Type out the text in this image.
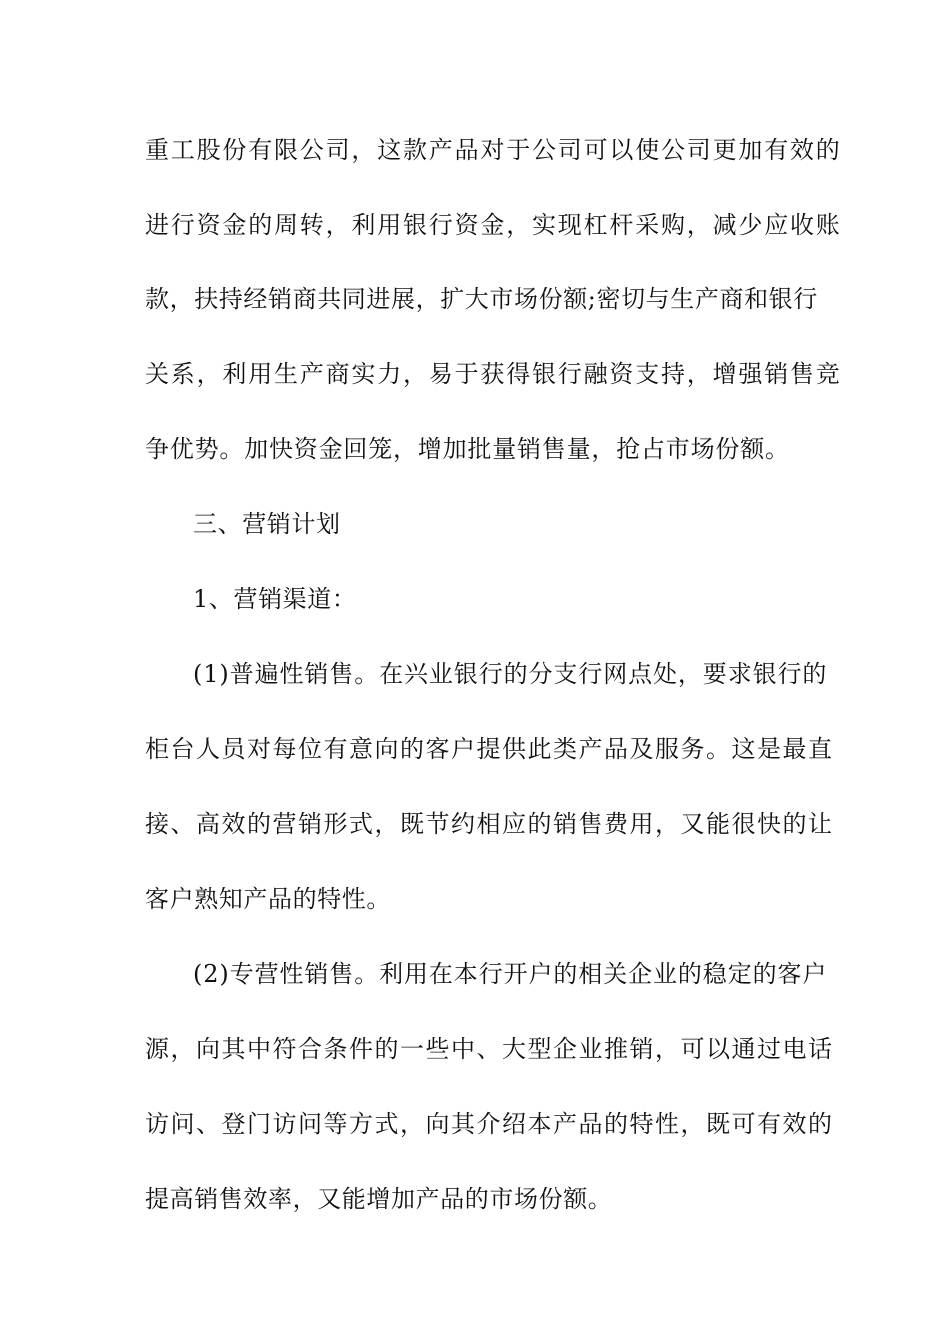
重工股份有限公司，这款产品对于公司可以使公司更加有效的

进行资金的周转，利用银行资金，实现杠杆采购，减少应收账

款，扶持经销商共同进展，扩大市场份额;密切与生产商和银行

关系，利用生产商实力，易于获得银行融资支持，增强销售竞

争优势。加快资金回笼，增加批量销售量，抢占市场份额。

三、营销计划

1、营销渠道：

(1)普遍性销售。在兴业银行的分支行网点处，要求银行的

柜台人员对每位有意向的客户提供此类产品及服务。这是最直

接、高效的营销形式，既节约相应的销售费用，又能很快的让

客户熟知产品的特性。

(2)专营性销售。利用在本行开户的相关企业的稳定的客户

源，向其中符合条件的一些中、大型企业推销，可以通过电话

访问、登门访问等方式，向其介绍本产品的特性，既可有效的

提高销售效率，又能增加产品的市场份额。
